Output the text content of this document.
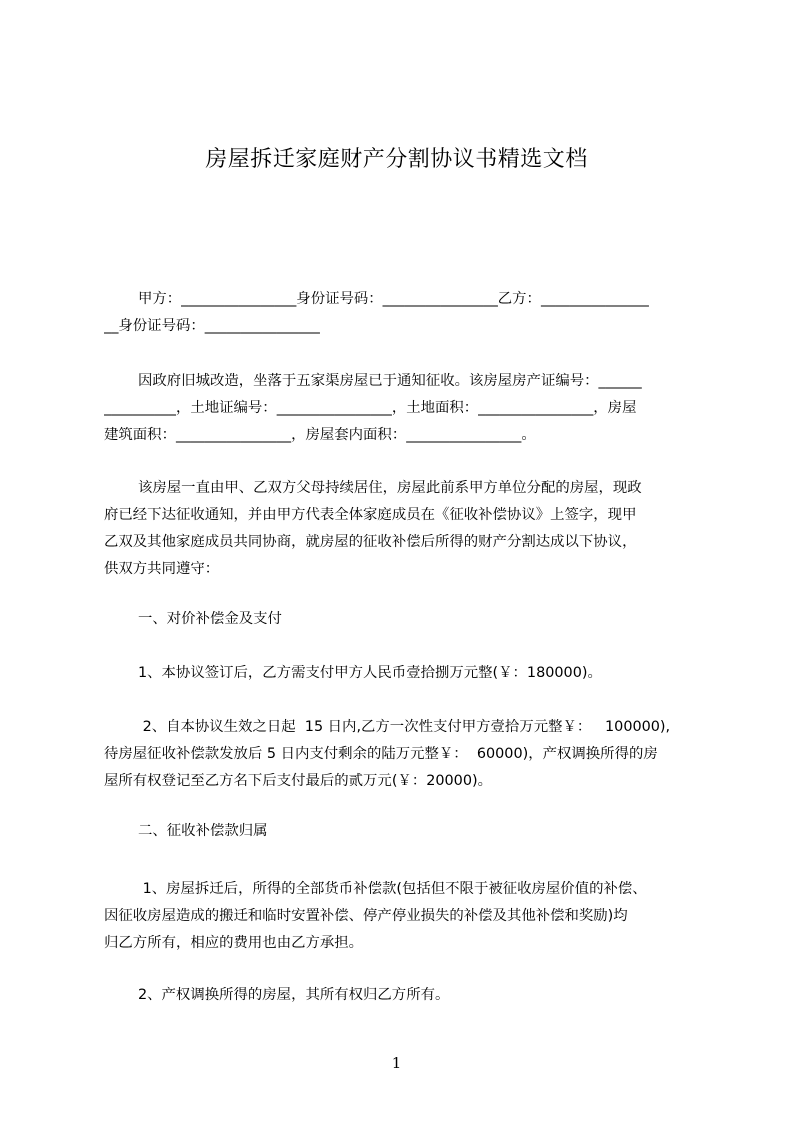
房屋拆迁家庭财产分割协议书精选文档
甲方：________________身份证号码：________________乙方：_______________
__身份证号码：________________
因政府旧城改造，坐落于五家渠房屋已于通知征收。该房屋房产证编号：______
__________，土地证编号：________________，土地面积：________________，房屋
建筑面积：________________，房屋套内面积：________________。
该房屋一直由甲、乙双方父母持续居住，房屋此前系甲方单位分配的房屋，现政
府已经下达征收通知，并由甲方代表全体家庭成员在《征收补偿协议》上签字，现甲
乙双及其他家庭成员共同协商，就房屋的征收补偿后所得的财产分割达成以下协议，
供双方共同遵守：
一、对价补偿金及支付
1、本协议签订后，乙方需支付甲方人民币壹拾捌万元整(￥：180000)。
2、自本协议生效之日起  15 日内,乙方一次性支付甲方壹拾万元整￥：   100000),
待房屋征收补偿款发放后 5 日内支付剩余的陆万元整￥：  60000)，产权调换所得的房
屋所有权登记至乙方名下后支付最后的贰万元(￥：20000)。
二、征收补偿款归属
1、房屋拆迁后，所得的全部货币补偿款(包括但不限于被征收房屋价值的补偿、
因征收房屋造成的搬迁和临时安置补偿、停产停业损失的补偿及其他补偿和奖励)均
归乙方所有，相应的费用也由乙方承担。
2、产权调换所得的房屋，其所有权归乙方所有。
1
